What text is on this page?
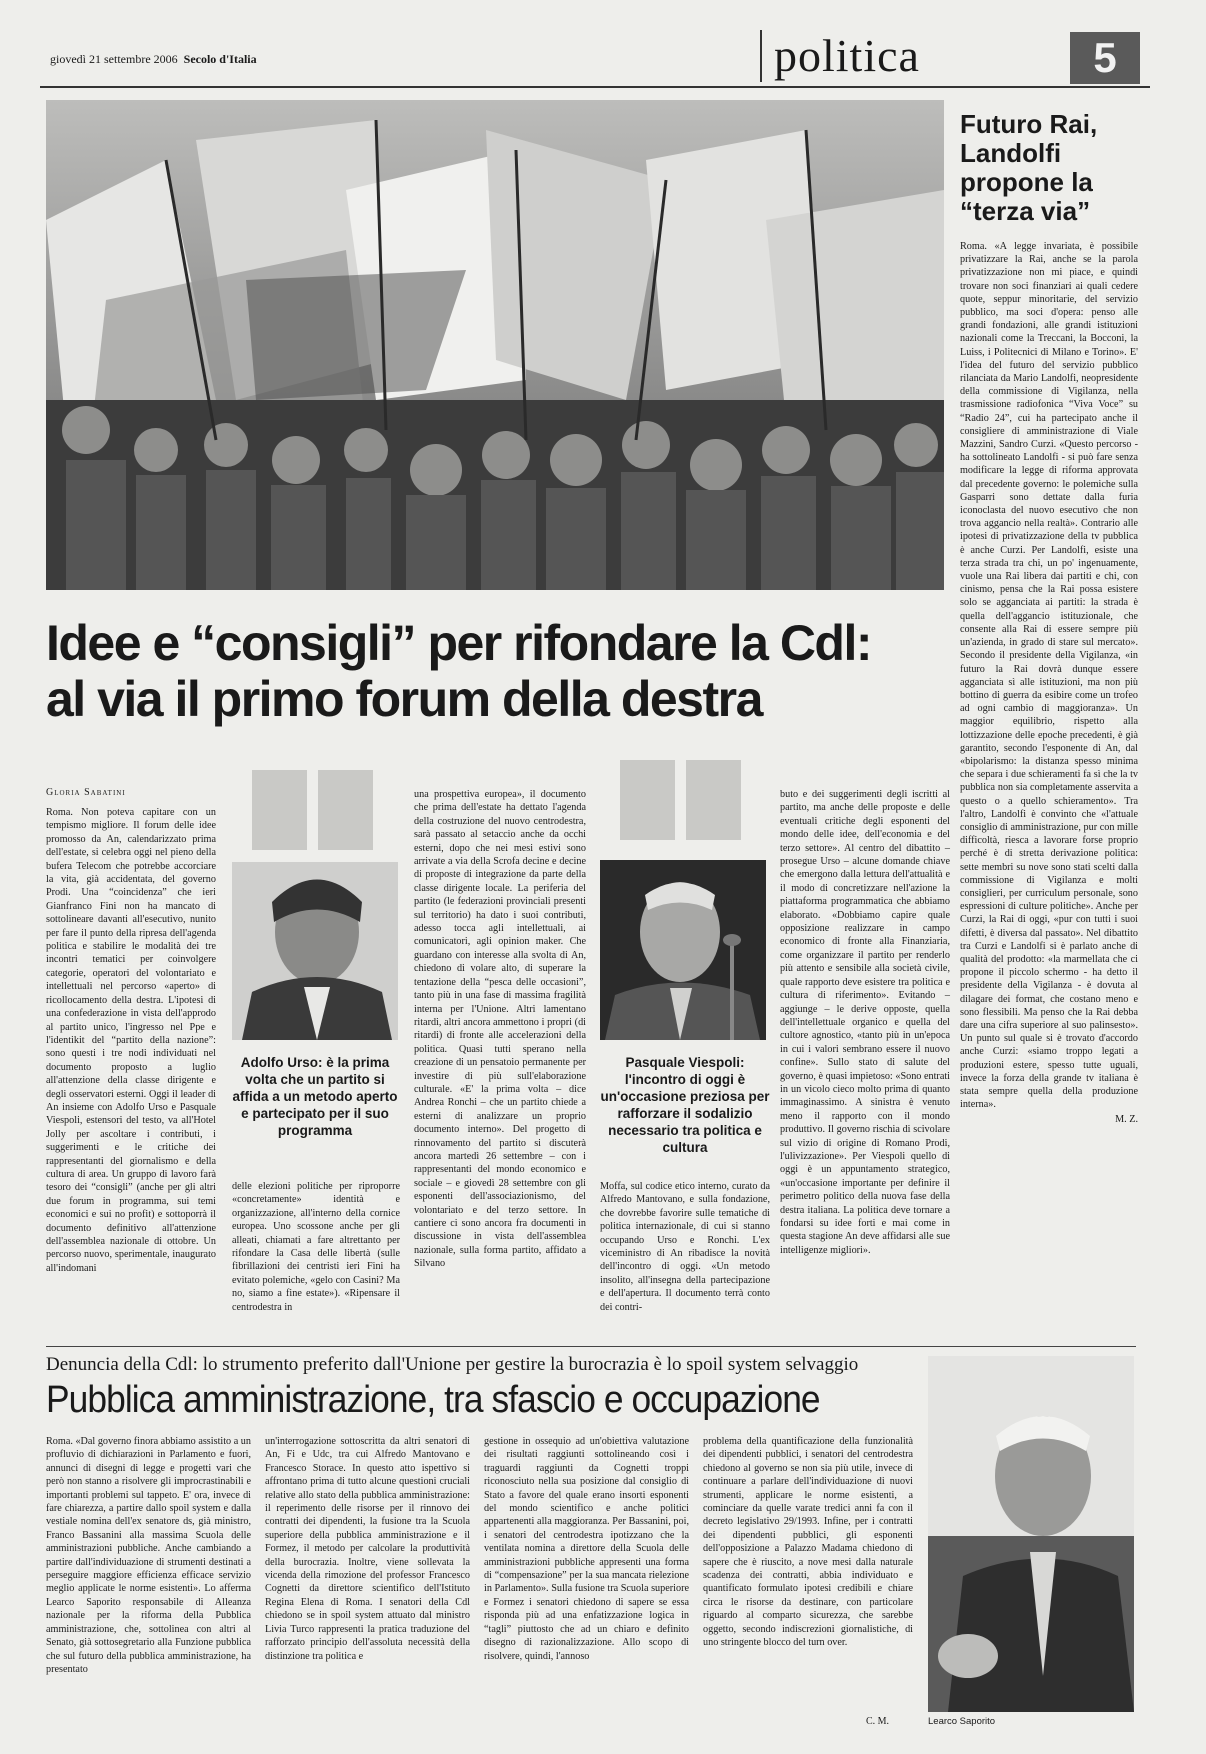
giovedì 21 settembre 2006 Secolo d'Italia	politica	5
Futuro Rai, Landolfi propone la “terza via”
Roma. «A legge invariata, è possibile privatizzare la Rai, anche se la parola privatizzazione non mi piace, e quindi trovare non soci finanziari ai quali cedere quote, seppur minoritarie, del servizio pubblico, ma soci d'opera: penso alle grandi fondazioni, alle grandi istituzioni nazionali come la Treccani, la Bocconi, la Luiss, i Politecnici di Milano e Torino». E' l'idea del futuro del servizio pubblico rilanciata da Mario Landolfi, neopresidente della commissione di Vigilanza, nella trasmissione radiofonica “Viva Voce” su “Radio 24”, cui ha partecipato anche il consigliere di amministrazione di Viale Mazzini, Sandro Curzi. «Questo percorso - ha sottolineato Landolfi - si può fare senza modificare la legge di riforma approvata dal precedente governo: le polemiche sulla Gasparri sono dettate dalla furia iconoclasta del nuovo esecutivo che non trova aggancio nella realtà». Contrario alle ipotesi di privatizzazione della tv pubblica è anche Curzi. Per Landolfi, esiste una terza strada tra chi, un po' ingenuamente, vuole una Rai libera dai partiti e chi, con cinismo, pensa che la Rai possa esistere solo se agganciata ai partiti: la strada è quella dell'aggancio istituzionale, che consente alla Rai di essere sempre più un'azienda, in grado di stare sul mercato». Secondo il presidente della Vigilanza, «in futuro la Rai dovrà dunque essere agganciata sì alle istituzioni, ma non più bottino di guerra da esibire come un trofeo ad ogni cambio di maggioranza». Un maggior equilibrio, rispetto alla lottizzazione delle epoche precedenti, è già garantito, secondo l'esponente di An, dal «bipolarismo: la distanza spesso minima che separa i due schieramenti fa sì che la tv pubblica non sia completamente asservita a questo o a quello schieramento». Tra l'altro, Landolfi è convinto che «l'attuale consiglio di amministrazione, pur con mille difficoltà, riesca a lavorare forse proprio perché è di stretta derivazione politica: sette membri su nove sono stati scelti dalla commissione di Vigilanza e molti consiglieri, per curriculum personale, sono espressioni di culture politiche». Anche per Curzi, la Rai di oggi, «pur con tutti i suoi difetti, è diversa dal passato». Nel dibattito tra Curzi e Landolfi si è parlato anche di qualità del prodotto: «la marmellata che ci propone il piccolo schermo - ha detto il presidente della Vigilanza - è dovuta al dilagare dei format, che costano meno e sono flessibili. Ma penso che la Rai debba dare una cifra superiore al suo palinsesto». Un punto sul quale si è trovato d'accordo anche Curzi: «siamo troppo legati a produzioni estere, spesso tutte uguali, invece la forza della grande tv italiana è stata sempre quella della produzione interna».
M. Z.
Idee e “consigli” per rifondare la Cdl:
al via il primo forum della destra
Gloria Sabatini
Roma. Non poteva capitare con un tempismo migliore. Il forum delle idee promosso da An, calendarizzato prima dell'estate, si celebra oggi nel pieno della bufera Telecom che potrebbe accorciare la vita, già accidentata, del governo Prodi. Una “coincidenza” che ieri Gianfranco Fini non ha mancato di sottolineare davanti all'esecutivo, nunito per fare il punto della ripresa dell'agenda politica e stabilire le modalità dei tre incontri tematici per coinvolgere categorie, operatori del volontariato e intellettuali nel percorso «aperto» di ricollocamento della destra. L'ipotesi di una confederazione in vista dell'approdo al partito unico, l'ingresso nel Ppe e l'identikit del “partito della nazione”: sono questi i tre nodi individuati nel documento proposto a luglio all'attenzione della classe dirigente e degli osservatori esterni. Oggi il leader di An insieme con Adolfo Urso e Pasquale Viespoli, estensori del testo, va all'Hotel Jolly per ascoltare i contributi, i suggerimenti e le critiche dei rappresentanti del giornalismo e della cultura di area. Un gruppo di lavoro farà tesoro dei “consigli” (anche per gli altri due forum in programma, sui temi economici e sui no profit) e sottoporrà il documento definitivo all'attenzione dell'assemblea nazionale di ottobre. Un percorso nuovo, sperimentale, inaugurato all'indomani
Adolfo Urso: è la prima volta che un partito si affida a un metodo aperto e partecipato per il suo programma
delle elezioni politiche per riproporre «concretamente» identità e organizzazione, all'interno della cornice europea. Uno scossone anche per gli alleati, chiamati a fare altrettanto per rifondare la Casa delle libertà (sulle fibrillazioni dei centristi ieri Fini ha evitato polemiche, «gelo con Casini? Ma no, siamo a fine estate»). «Ripensare il centrodestra in
una prospettiva europea», il documento che prima dell'estate ha dettato l'agenda della costruzione del nuovo centrodestra, sarà passato al setaccio anche da occhi esterni, dopo che nei mesi estivi sono arrivate a via della Scrofa decine e decine di proposte di integrazione da parte della classe dirigente locale. La periferia del partito (le federazioni provinciali presenti sul territorio) ha dato i suoi contributi, adesso tocca agli intellettuali, ai comunicatori, agli opinion maker. Che guardano con interesse alla svolta di An, chiedono di volare alto, di superare la tentazione della “pesca delle occasioni”, tanto più in una fase di massima fragilità interna per l'Unione. Altri lamentano ritardi, altri ancora ammettono i propri (di ritardi) di fronte alle accelerazioni della politica. Quasi tutti sperano nella creazione di un pensatoio permanente per investire di più sull'elaborazione culturale. «E' la prima volta – dice Andrea Ronchi – che un partito chiede a esterni di analizzare un proprio documento interno». Del progetto di rinnovamento del partito si discuterà ancora martedì 26 settembre – con i rappresentanti del mondo economico e sociale – e giovedì 28 settembre con gli esponenti dell'associazionismo, del volontariato e del terzo settore. In cantiere ci sono ancora fra documenti in discussione in vista dell'assemblea nazionale, sulla forma partito, affidato a Silvano
Pasquale Viespoli: l'incontro di oggi è un'occasione preziosa per rafforzare il sodalizio necessario tra politica e cultura
Moffa, sul codice etico interno, curato da Alfredo Mantovano, e sulla fondazione, che dovrebbe favorire sulle tematiche di politica internazionale, di cui si stanno occupando Urso e Ronchi. L'ex viceministro di An ribadisce la novità dell'incontro di oggi. «Un metodo insolito, all'insegna della partecipazione e dell'apertura. Il documento terrà conto dei contri-
buto e dei suggerimenti degli iscritti al partito, ma anche delle proposte e delle eventuali critiche degli esponenti del mondo delle idee, dell'economia e del terzo settore». Al centro del dibattito – prosegue Urso – alcune domande chiave che emergono dalla lettura dell'attualità e il modo di concretizzare nell'azione la piattaforma programmatica che abbiamo elaborato. «Dobbiamo capire quale opposizione realizzare in campo economico di fronte alla Finanziaria, come organizzare il partito per renderlo più attento e sensibile alla società civile, quale rapporto deve esistere tra politica e cultura di riferimento». Evitando – aggiunge – le derive opposte, quella dell'intellettuale organico e quella del cultore agnostico, «tanto più in un'epoca in cui i valori sembrano essere il nuovo confine». Sullo stato di salute del governo, è quasi impietoso: «Sono entrati in un vicolo cieco molto prima di quanto immaginassimo. A sinistra è venuto meno il rapporto con il mondo produttivo. Il governo rischia di scivolare sul vizio di origine di Romano Prodi, l'ulivizzazione». Per Viespoli quello di oggi è un appuntamento strategico, «un'occasione importante per definire il perimetro politico della nuova fase della destra italiana. La politica deve tornare a fondarsi su idee forti e mai come in questa stagione An deve affidarsi alle sue intelligenze migliori».
Denuncia della Cdl: lo strumento preferito dall'Unione per gestire la burocrazia è lo spoil system selvaggio
Pubblica amministrazione, tra sfascio e occupazione
Roma. «Dal governo finora abbiamo assistito a un profluvio di dichiarazioni in Parlamento e fuori, annunci di disegni di legge e progetti vari che però non stanno a risolvere gli improcrastinabili e importanti problemi sul tappeto. E' ora, invece di fare chiarezza, a partire dallo spoil system e dalla vestiale nomina dell'ex senatore ds, già ministro, Franco Bassanini alla massima Scuola delle amministrazioni pubbliche. Anche cambiando a partire dall'individuazione di strumenti destinati a perseguire maggiore efficienza efficace servizio meglio applicate le norme esistenti». Lo afferma Learco Saporito responsabile di Alleanza nazionale per la riforma della Pubblica amministrazione, che, sottolinea con altri al Senato, già sottosegretario alla Funzione pubblica che sul futuro della pubblica amministrazione, ha presentato
un'interrogazione sottoscritta da altri senatori di An, Fi e Udc, tra cui Alfredo Mantovano e Francesco Storace. In questo atto ispettivo si affrontano prima di tutto alcune questioni cruciali relative allo stato della pubblica amministrazione: il reperimento delle risorse per il rinnovo dei contratti dei dipendenti, la fusione tra la Scuola superiore della pubblica amministrazione e il Formez, il metodo per calcolare la produttività della burocrazia. Inoltre, viene sollevata la vicenda della rimozione del professor Francesco Cognetti da direttore scientifico dell'Istituto Regina Elena di Roma. I senatori della Cdl chiedono se in spoil system attuato dal ministro Livia Turco rappresenti la pratica traduzione del rafforzato principio dell'assoluta necessità della distinzione tra politica e
gestione in ossequio ad un'obiettiva valutazione dei risultati raggiunti sottolineando così i traguardi raggiunti da Cognetti troppi riconosciuto nella sua posizione dal consiglio di Stato a favore del quale erano insorti esponenti del mondo scientifico e anche politici appartenenti alla maggioranza. Per Bassanini, poi, i senatori del centrodestra ipotizzano che la ventilata nomina a direttore della Scuola delle amministrazioni pubbliche appresenti una forma di “compensazione” per la sua mancata rielezione in Parlamento». Sulla fusione tra Scuola superiore e Formez i senatori chiedono di sapere se essa risponda più ad una enfatizzazione logica in “tagli” piuttosto che ad un chiaro e definito disegno di razionalizzazione. Allo scopo di risolvere, quindi, l'annoso
problema della quantificazione della funzionalità dei dipendenti pubblici, i senatori del centrodestra chiedono al governo se non sia più utile, invece di continuare a parlare dell'individuazione di nuovi strumenti, applicare le norme esistenti, a cominciare da quelle varate tredici anni fa con il decreto legislativo 29/1993. Infine, per i contratti dei dipendenti pubblici, gli esponenti dell'opposizione a Palazzo Madama chiedono di sapere che è riuscito, a nove mesi dalla naturale scadenza dei contratti, abbia individuato e quantificato formulato ipotesi credibili e chiare circa le risorse da destinare, con particolare riguardo al comparto sicurezza, che sarebbe oggetto, secondo indiscrezioni giornalistiche, di uno stringente blocco del turn over.
C. M.	Learco Saporito
